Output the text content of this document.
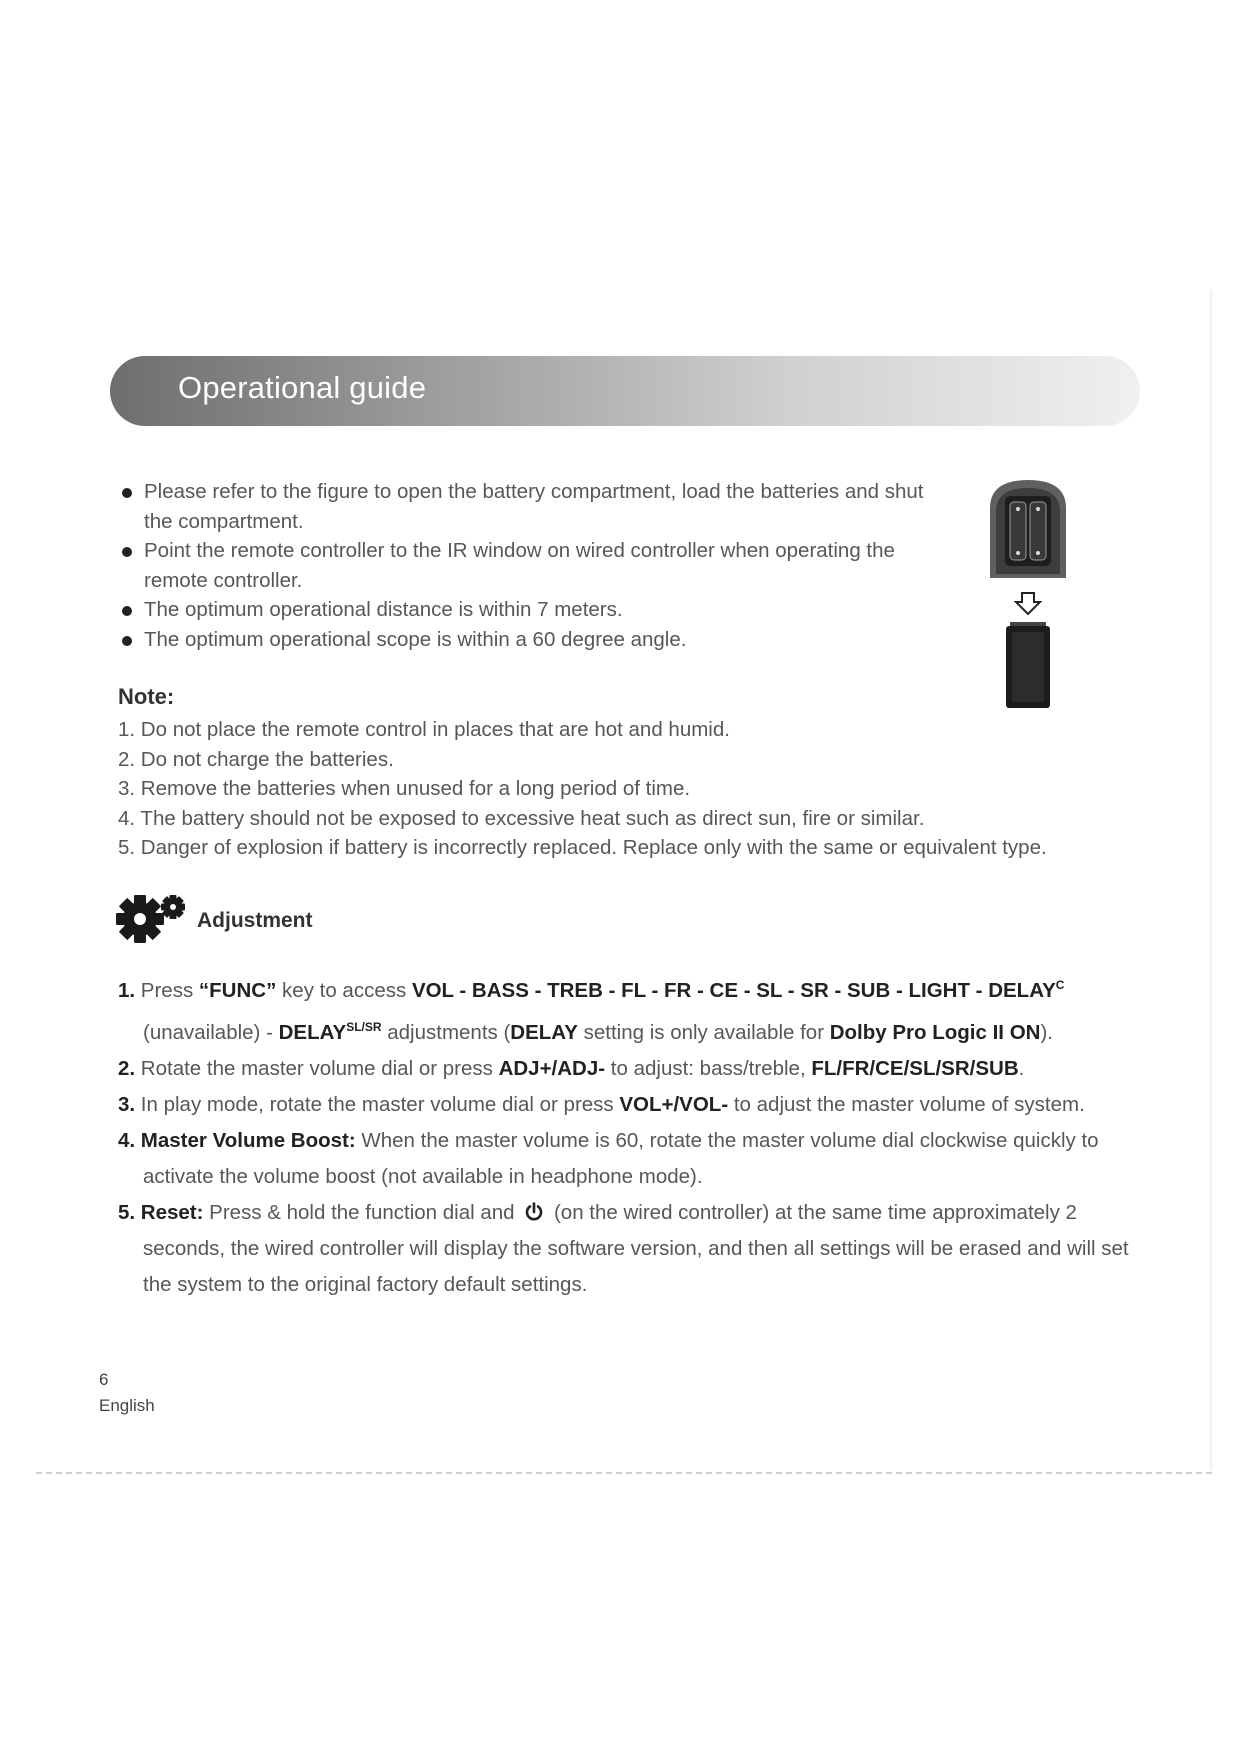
Operational guide
Please refer to the figure to open the battery compartment, load the batteries and shut the compartment.
Point the remote controller to the IR window on wired controller when operating the remote controller.
The optimum operational distance is within 7 meters.
The optimum operational scope is within a 60 degree angle.
Note:
1. Do not place the remote control in places that are hot and humid.
2. Do not charge the batteries.
3. Remove the batteries when unused for a long period of time.
4. The battery should not be exposed to excessive heat such as direct sun, fire or similar.
5. Danger of explosion if battery is incorrectly replaced. Replace only with the same or equivalent type.
Adjustment
1. Press “FUNC” key to access VOL - BASS - TREB - FL - FR - CE - SL - SR - SUB - LIGHT - $DELAY^C$ (unavailable) - $DELAY^{SL/SR}$ adjustments (DELAY setting is only available for Dolby Pro Logic II ON).
2. Rotate the master volume dial or press ADJ+/ADJ- to adjust: bass/treble, FL/FR/CE/SL/SR/SUB.
3. In play mode, rotate the master volume dial or press VOL+/VOL- to adjust the master volume of system.
4. Master Volume Boost: When the master volume is 60, rotate the master volume dial clockwise quickly to activate the volume boost (not available in headphone mode).
5. Reset: Press & hold the function dial and  (on the wired controller) at the same time approximately 2 seconds, the wired controller will display the software version, and then all settings will be erased and will set the system to the original factory default settings.
6
English
